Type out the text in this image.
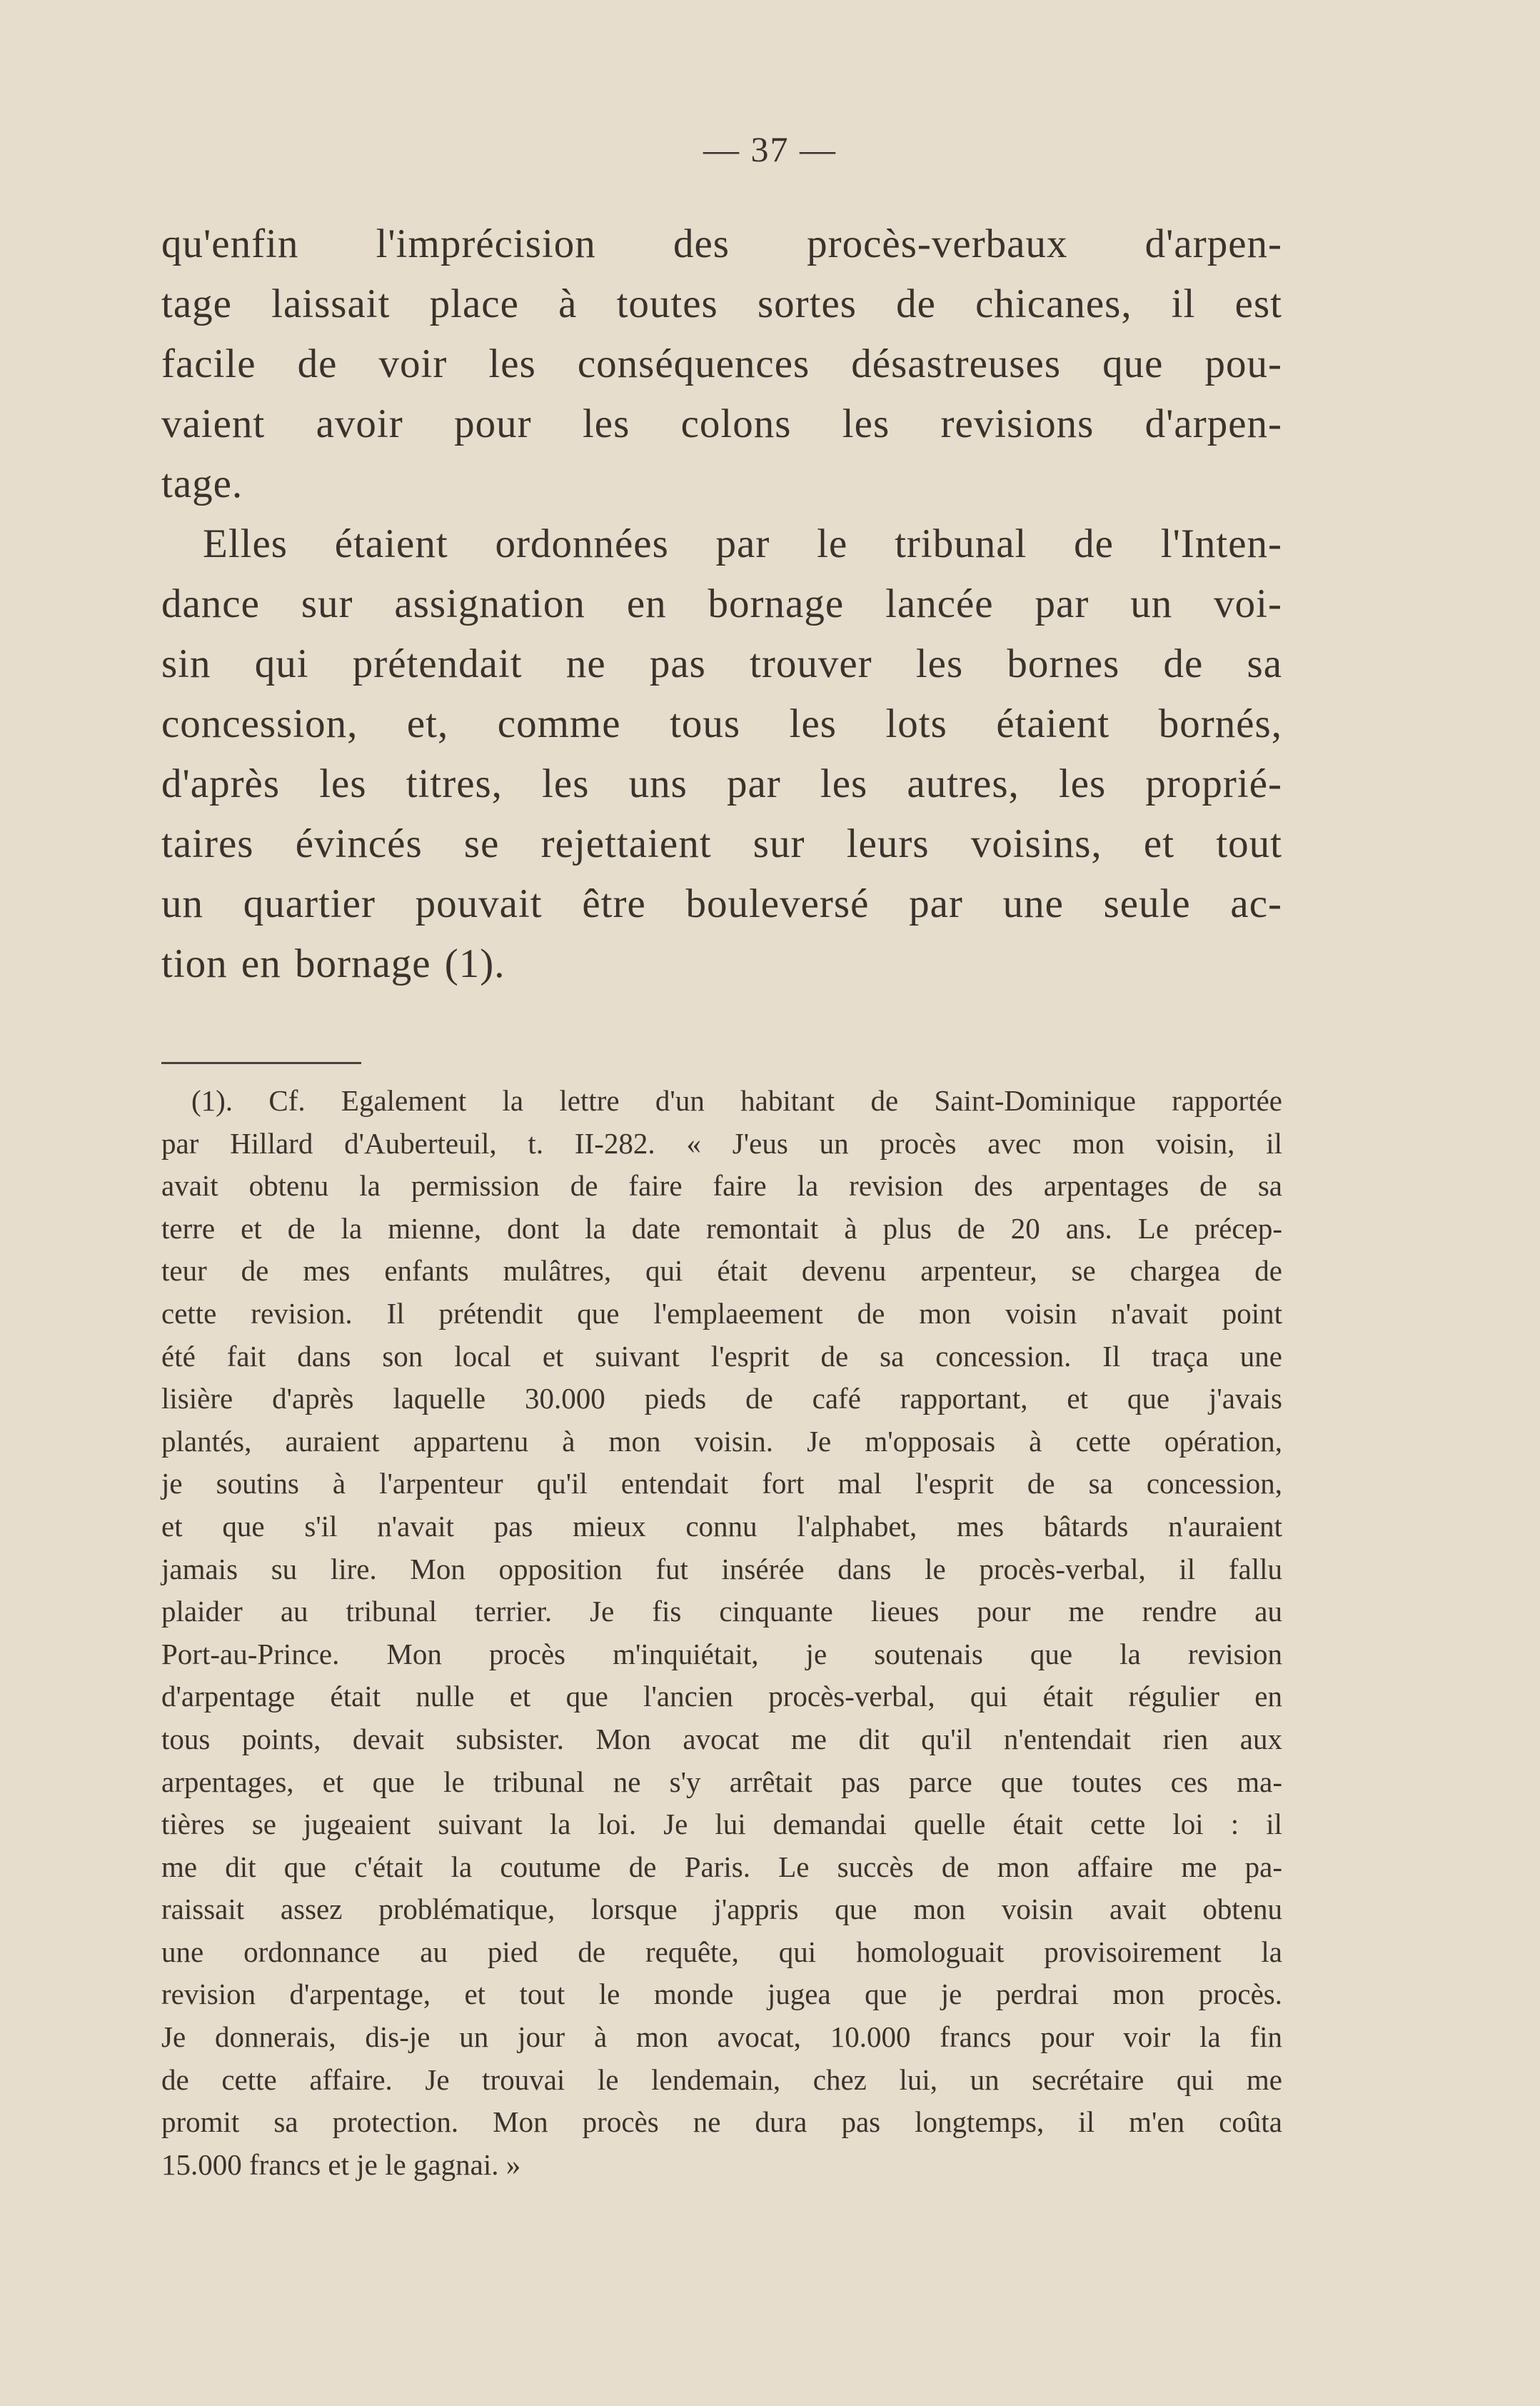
— 37 —
qu'enfin l'imprécision des procès-verbaux d'arpen-
tage laissait place à toutes sortes de chicanes, il est
facile de voir les conséquences désastreuses que pou-
vaient avoir pour les colons les revisions d'arpen-
tage.
Elles étaient ordonnées par le tribunal de l'Inten-
dance sur assignation en bornage lancée par un voi-
sin qui prétendait ne pas trouver les bornes de sa
concession, et, comme tous les lots étaient bornés,
d'après les titres, les uns par les autres, les proprié-
taires évincés se rejettaient sur leurs voisins, et tout
un quartier pouvait être bouleversé par une seule ac-
tion en bornage (1).
(1). Cf. Egalement la lettre d'un habitant de Saint-Dominique rapportée
par Hillard d'Auberteuil, t. II-282. « J'eus un procès avec mon voisin, il
avait obtenu la permission de faire faire la revision des arpentages de sa
terre et de la mienne, dont la date remontait à plus de 20 ans. Le précep-
teur de mes enfants mulâtres, qui était devenu arpenteur, se chargea de
cette revision. Il prétendit que l'emplaeement de mon voisin n'avait point
été fait dans son local et suivant l'esprit de sa concession. Il traça une
lisière d'après laquelle 30.000 pieds de café rapportant, et que j'avais
plantés, auraient appartenu à mon voisin. Je m'opposais à cette opération,
je soutins à l'arpenteur qu'il entendait fort mal l'esprit de sa concession,
et que s'il n'avait pas mieux connu l'alphabet, mes bâtards n'auraient
jamais su lire. Mon opposition fut insérée dans le procès-verbal, il fallu
plaider au tribunal terrier. Je fis cinquante lieues pour me rendre au
Port-au-Prince. Mon procès m'inquiétait, je soutenais que la revision
d'arpentage était nulle et que l'ancien procès-verbal, qui était régulier en
tous points, devait subsister. Mon avocat me dit qu'il n'entendait rien aux
arpentages, et que le tribunal ne s'y arrêtait pas parce que toutes ces ma-
tières se jugeaient suivant la loi. Je lui demandai quelle était cette loi : il
me dit que c'était la coutume de Paris. Le succès de mon affaire me pa-
raissait assez problématique, lorsque j'appris que mon voisin avait obtenu
une ordonnance au pied de requête, qui homologuait provisoirement la
revision d'arpentage, et tout le monde jugea que je perdrai mon procès.
Je donnerais, dis-je un jour à mon avocat, 10.000 francs pour voir la fin
de cette affaire. Je trouvai le lendemain, chez lui, un secrétaire qui me
promit sa protection. Mon procès ne dura pas longtemps, il m'en coûta
15.000 francs et je le gagnai. »
